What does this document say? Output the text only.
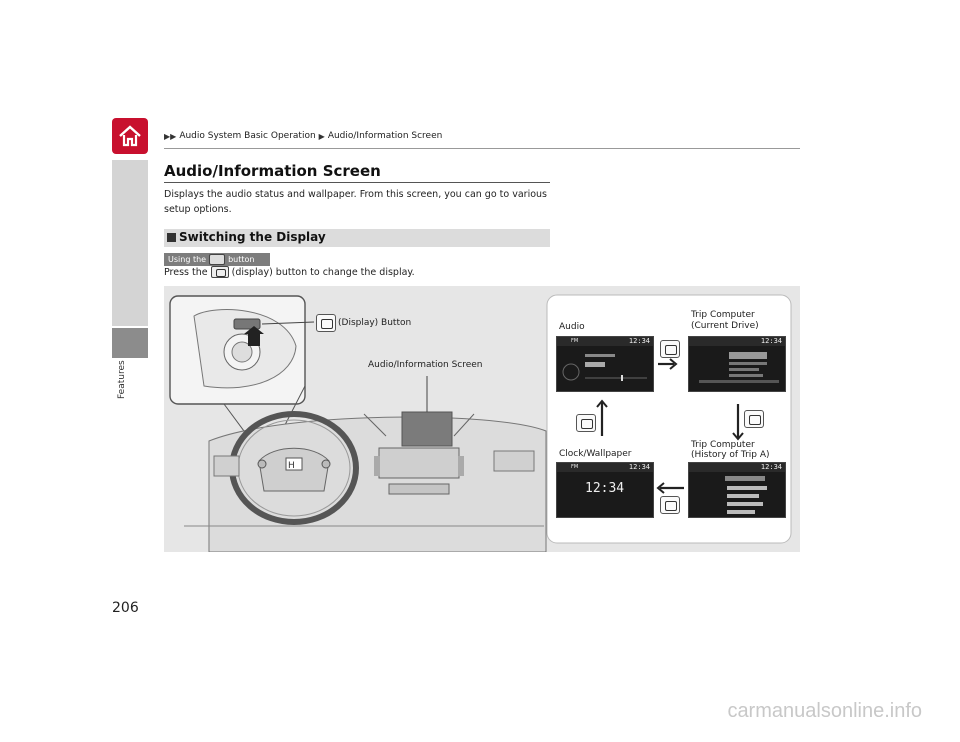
Features
▶▶ Audio System Basic Operation ▶ Audio/Information Screen
Audio/Information Screen
Displays the audio status and wallpaper. From this screen, you can go to various setup options.
Switching the Display
Using the	button
Press the	(display) button to change the display.
H
(Display) Button
Audio/Information Screen
Audio
Trip Computer
(Current Drive)
FM	12:34	12:34
Clock/Wallpaper
Trip Computer
(History of Trip A)
FM	12:34
12:34
12:34
206
carmanualsonline.info
